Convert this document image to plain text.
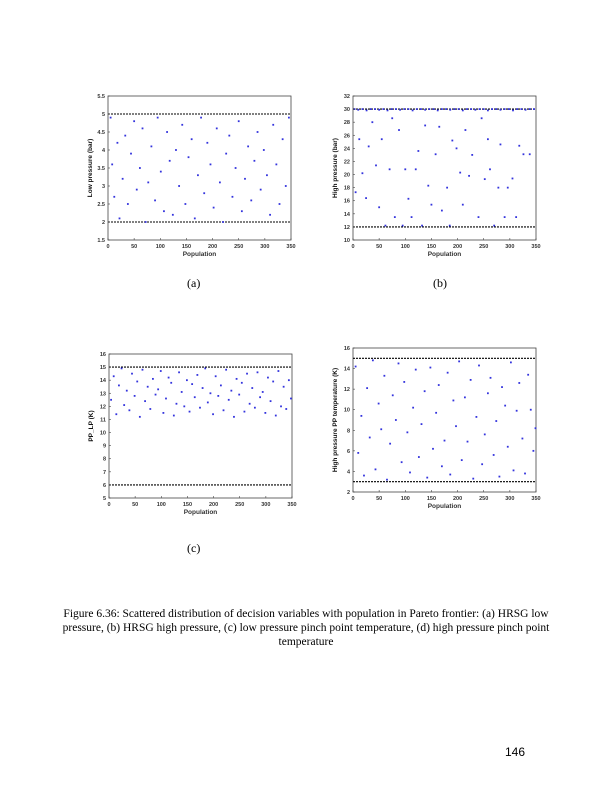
0	50	100	150	200	250	300	350
1.5
2
2.5
3
3.5
4
4.5
5
5.5
Population
Low pressure (bar)
0	50	100	150	200	250	300	350
10
12
14
16
18
20
22
24
26
28
30
32
Population
High pressure (bar)
0	50	100	150	200	250	300	350
5
6
7
8
9
10
11
12
13
14
15
16
Population
PP_LP (K)
0	50	100	150	200	250	300	350
2
4
6
8
10
12
14
16
Population
High pressure PP temperature (K)
(a)	(b)
(c)
Figure 6.36: Scattered distribution of decision variables with population in Pareto frontier: (a) HRSG low pressure, (b) HRSG high pressure, (c) low pressure pinch point temperature, (d) high pressure pinch point temperature
146
